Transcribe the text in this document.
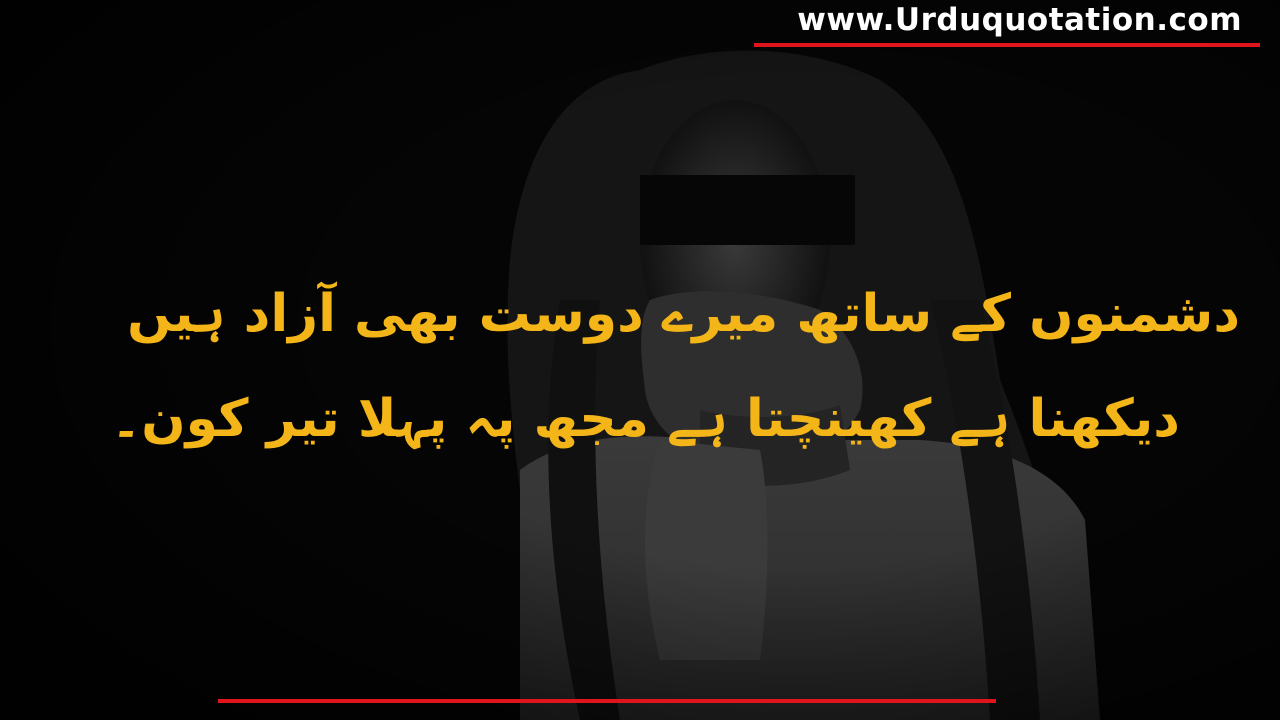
www.Urduquotation.com
دشمنوں کے ساتھ میرے دوست بھی آزاد ہیں
دیکھنا ہے کھینچتا ہے مجھ پہ پہلا تیر کون۔
